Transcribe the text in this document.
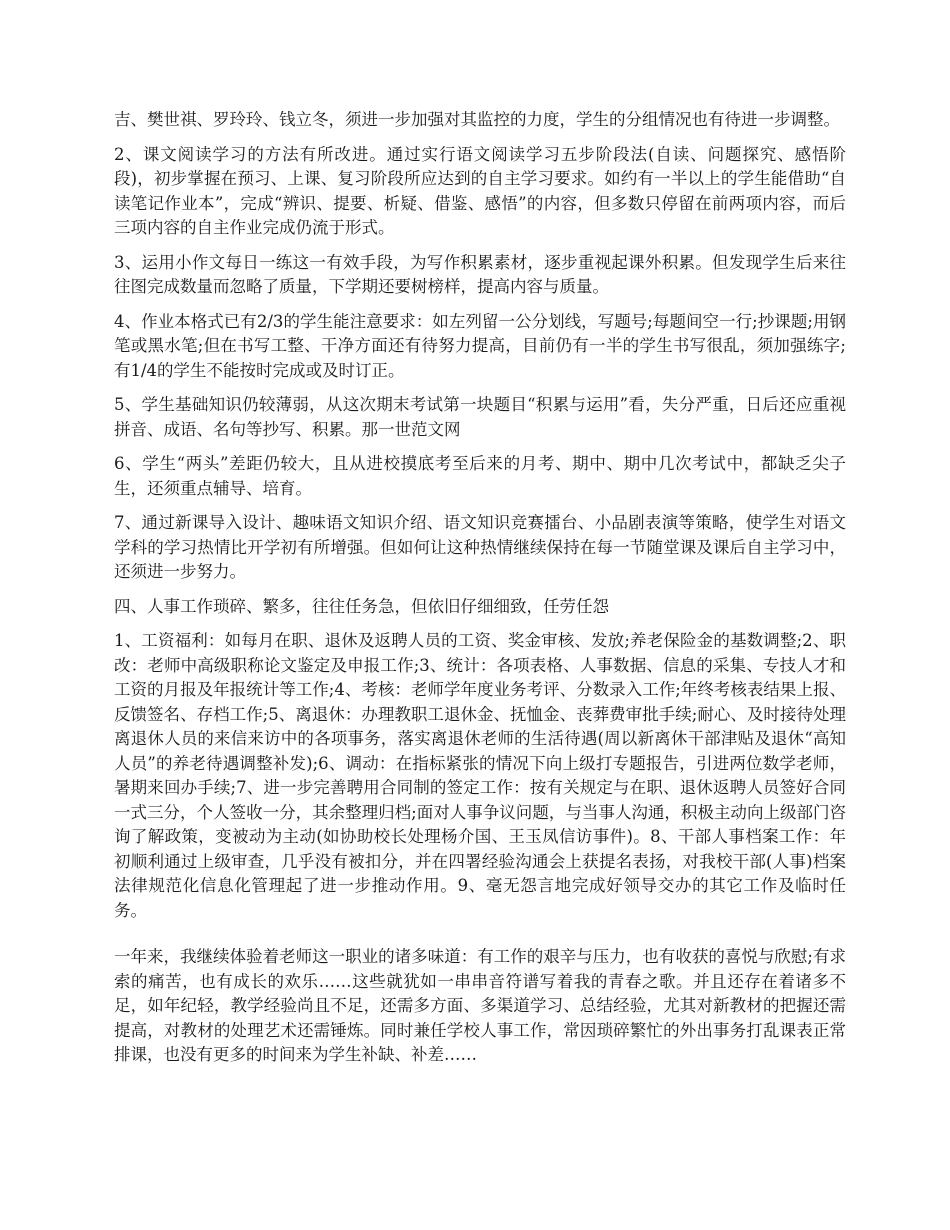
吉、樊世祺、罗玲玲、钱立冬，须进一步加强对其监控的力度，学生的分组情况也有待进一步调整。

2、课文阅读学习的方法有所改进。通过实行语文阅读学习五步阶段法(自读、问题探究、感悟阶段)，初步掌握在预习、上课、复习阶段所应达到的自主学习要求。如约有一半以上的学生能借助“自读笔记作业本”，完成“辨识、提要、析疑、借鉴、感悟”的内容，但多数只停留在前两项内容，而后三项内容的自主作业完成仍流于形式。

3、运用小作文每日一练这一有效手段，为写作积累素材，逐步重视起课外积累。但发现学生后来往往图完成数量而忽略了质量，下学期还要树榜样，提高内容与质量。

4、作业本格式已有2/3的学生能注意要求：如左列留一公分划线，写题号;每题间空一行;抄课题;用钢笔或黑水笔;但在书写工整、干净方面还有待努力提高，目前仍有一半的学生书写很乱，须加强练字;有1/4的学生不能按时完成或及时订正。

5、学生基础知识仍较薄弱，从这次期末考试第一块题目“积累与运用”看，失分严重，日后还应重视拼音、成语、名句等抄写、积累。那一世范文网

6、学生“两头”差距仍较大，且从进校摸底考至后来的月考、期中、期中几次考试中，都缺乏尖子生，还须重点辅导、培育。

7、通过新课导入设计、趣味语文知识介绍、语文知识竞赛擂台、小品剧表演等策略，使学生对语文学科的学习热情比开学初有所增强。但如何让这种热情继续保持在每一节随堂课及课后自主学习中，还须进一步努力。

四、人事工作琐碎、繁多，往往任务急，但依旧仔细细致，任劳任怨

1、工资福利：如每月在职、退休及返聘人员的工资、奖金审核、发放;养老保险金的基数调整;2、职改：老师中高级职称论文鉴定及申报工作;3、统计：各项表格、人事数据、信息的采集、专技人才和工资的月报及年报统计等工作;4、考核：老师学年度业务考评、分数录入工作;年终考核表结果上报、反馈签名、存档工作;5、离退休：办理教职工退休金、抚恤金、丧葬费审批手续;耐心、及时接待处理离退休人员的来信来访中的各项事务，落实离退休老师的生活待遇(周以新离休干部津贴及退休“高知人员”的养老待遇调整补发);6、调动：在指标紧张的情况下向上级打专题报告，引进两位数学老师，暑期来回办手续;7、进一步完善聘用合同制的签定工作：按有关规定与在职、退休返聘人员签好合同一式三分，个人签收一分，其余整理归档;面对人事争议问题，与当事人沟通，积极主动向上级部门咨询了解政策，变被动为主动(如协助校长处理杨介国、王玉凤信访事件)。8、干部人事档案工作：年初顺利通过上级审查，几乎没有被扣分，并在四署经验沟通会上获提名表扬，对我校干部(人事)档案法律规范化信息化管理起了进一步推动作用。9、毫无怨言地完成好领导交办的其它工作及临时任务。

一年来，我继续体验着老师这一职业的诸多味道：有工作的艰辛与压力，也有收获的喜悦与欣慰;有求索的痛苦，也有成长的欢乐……这些就犹如一串串音符谱写着我的青春之歌。并且还存在着诸多不足，如年纪轻，教学经验尚且不足，还需多方面、多渠道学习、总结经验，尤其对新教材的把握还需提高，对教材的处理艺术还需锤炼。同时兼任学校人事工作，常因琐碎繁忙的外出事务打乱课表正常排课，也没有更多的时间来为学生补缺、补差……
